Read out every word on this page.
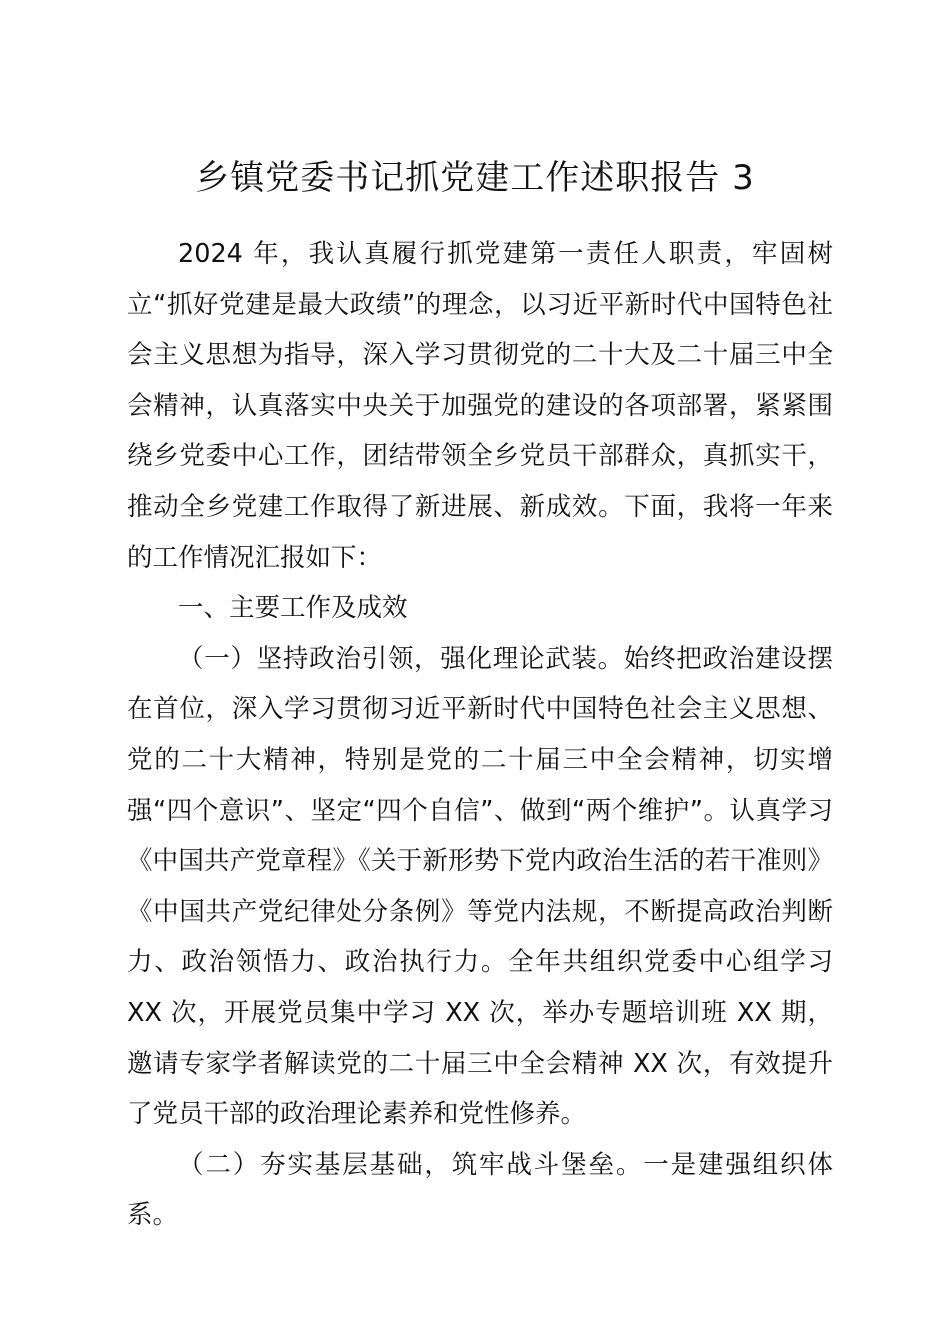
乡镇党委书记抓党建工作述职报告 3

2024 年，我认真履行抓党建第一责任人职责，牢固树立“抓好党建是最大政绩”的理念，以习近平新时代中国特色社会主义思想为指导，深入学习贯彻党的二十大及二十届三中全会精神，认真落实中央关于加强党的建设的各项部署，紧紧围绕乡党委中心工作，团结带领全乡党员干部群众，真抓实干，推动全乡党建工作取得了新进展、新成效。下面，我将一年来的工作情况汇报如下：

一、主要工作及成效

（一）坚持政治引领，强化理论武装。始终把政治建设摆在首位，深入学习贯彻习近平新时代中国特色社会主义思想、党的二十大精神，特别是党的二十届三中全会精神，切实增强“四个意识”、坚定“四个自信”、做到“两个维护”。认真学习《中国共产党章程》《关于新形势下党内政治生活的若干准则》《中国共产党纪律处分条例》等党内法规，不断提高政治判断力、政治领悟力、政治执行力。全年共组织党委中心组学习 XX 次，开展党员集中学习 XX 次，举办专题培训班 XX 期，邀请专家学者解读党的二十届三中全会精神 XX 次，有效提升了党员干部的政治理论素养和党性修养。

（二）夯实基层基础，筑牢战斗堡垒。一是建强组织体系。
